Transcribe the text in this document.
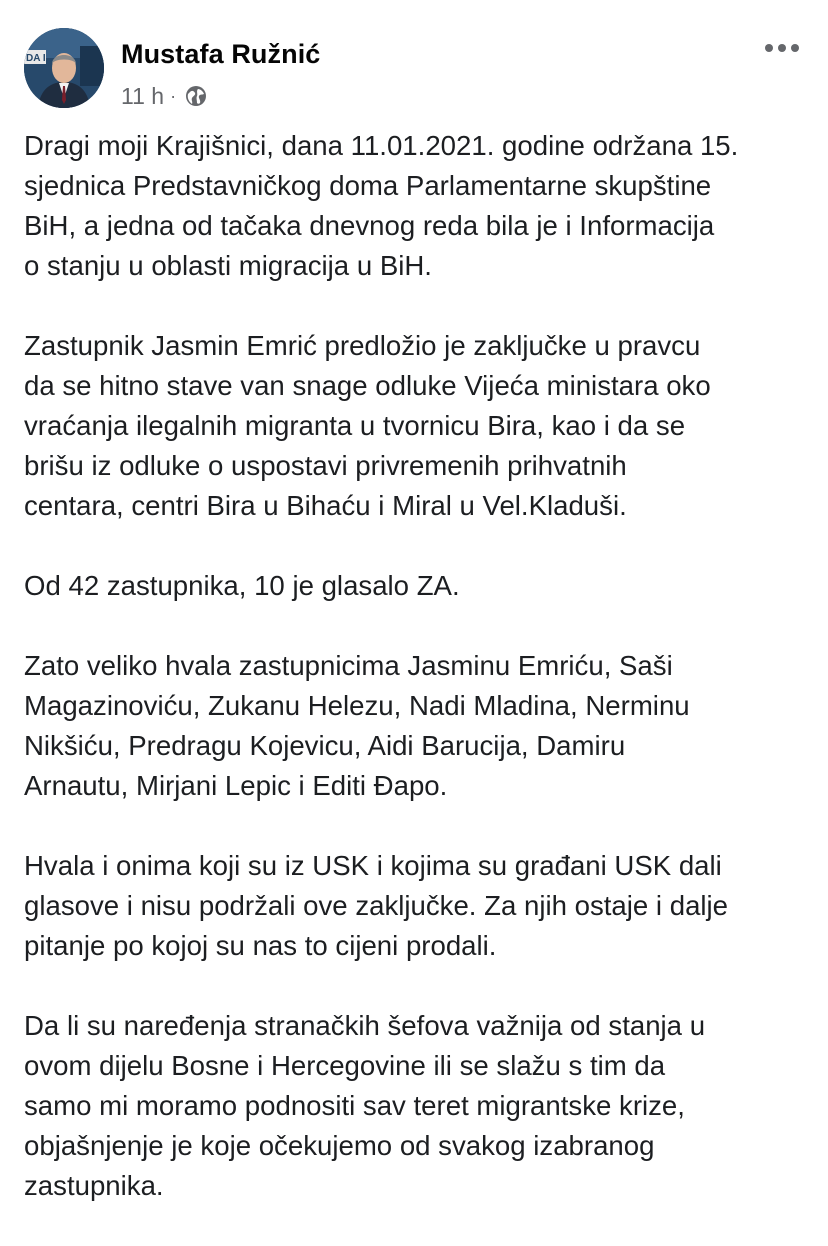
DA I	Mustafa Ružnić
11 h ·

Dragi moji Krajišnici, dana 11.01.2021. godine održana 15.
sjednica Predstavničkog doma Parlamentarne skupštine
BiH, a jedna od tačaka dnevnog reda bila je i Informacija
o stanju u oblasti migracija u BiH.

Zastupnik Jasmin Emrić predložio je zaključke u pravcu
da se hitno stave van snage odluke Vijeća ministara oko
vraćanja ilegalnih migranta u tvornicu Bira, kao i da se
brišu iz odluke o uspostavi privremenih prihvatnih
centara, centri Bira u Bihaću i Miral u Vel.Kladuši.

Od 42 zastupnika, 10 je glasalo ZA.

Zato veliko hvala zastupnicima Jasminu Emriću, Saši
Magazinoviću, Zukanu Helezu, Nadi Mladina, Nerminu
Nikšiću, Predragu Kojevicu, Aidi Barucija, Damiru
Arnautu, Mirjani Lepic i Editi Đapo.

Hvala i onima koji su iz USK i kojima su građani USK dali
glasove i nisu podržali ove zaključke. Za njih ostaje i dalje
pitanje po kojoj su nas to cijeni prodali.

Da li su naređenja stranačkih šefova važnija od stanja u
ovom dijelu Bosne i Hercegovine ili se slažu s tim da
samo mi moramo podnositi sav teret migrantske krize,
objašnjenje je koje očekujemo od svakog izabranog
zastupnika.
